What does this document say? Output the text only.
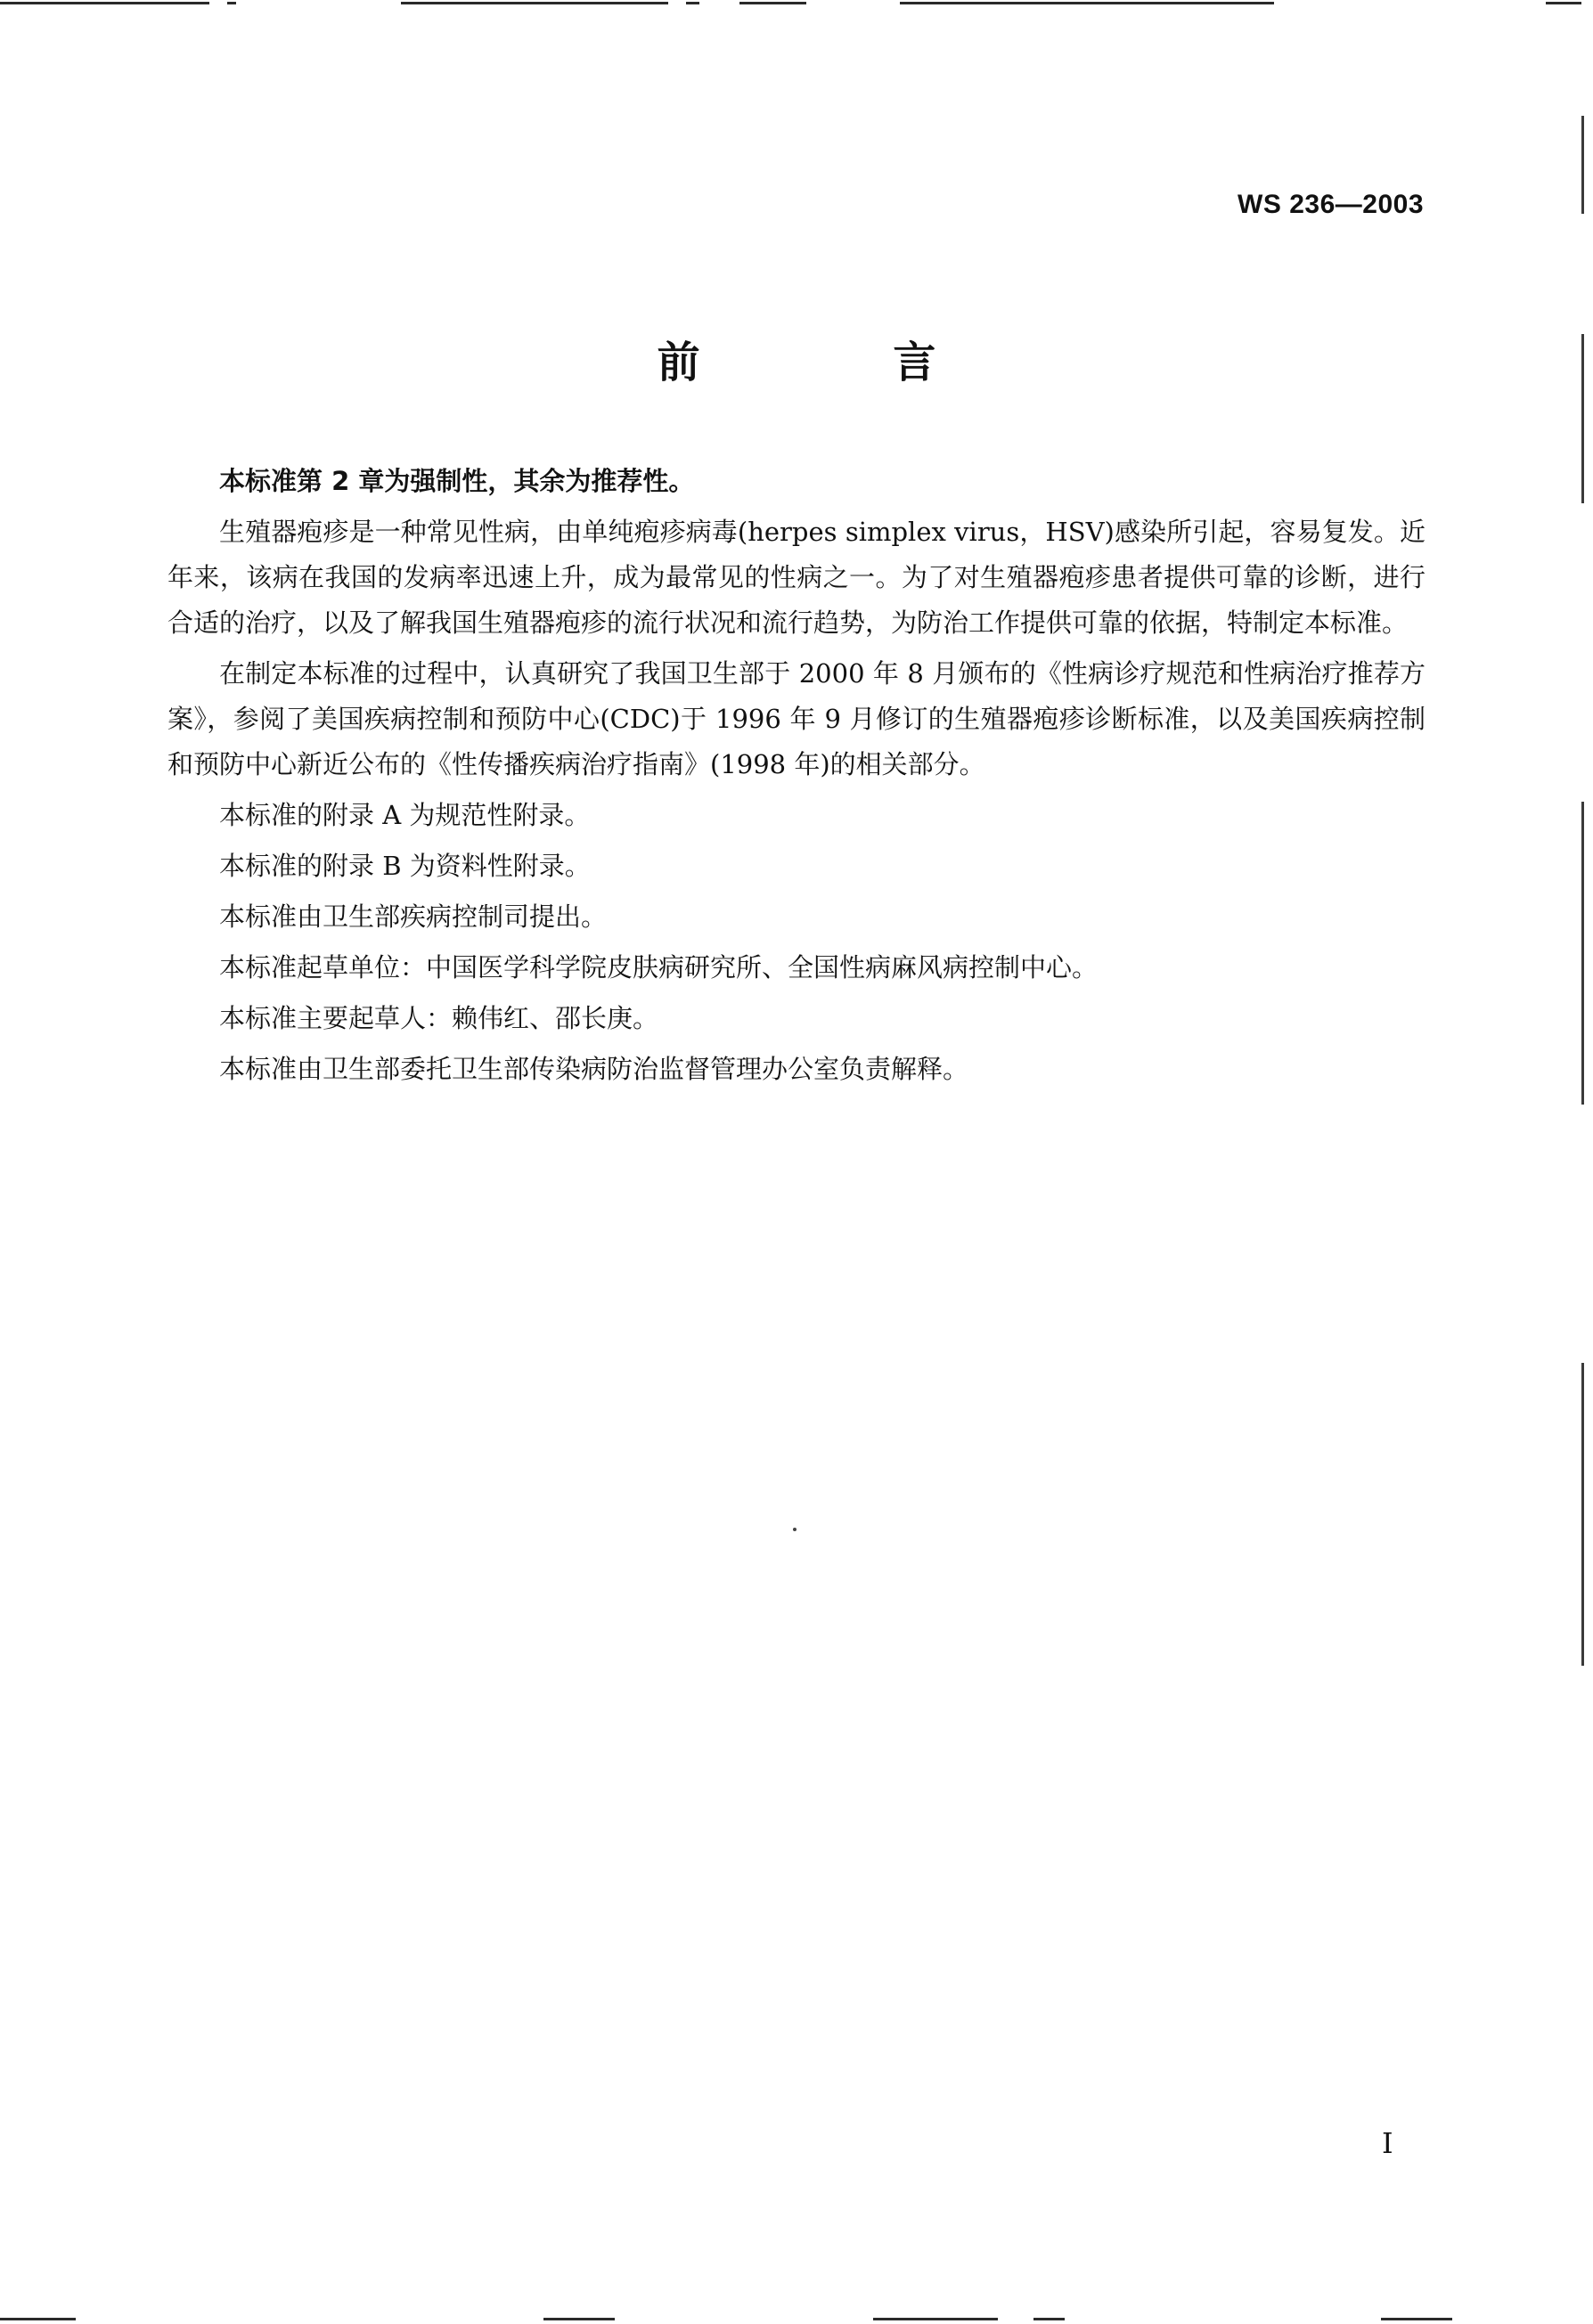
WS 236—2003
前 言

本标准第 2 章为强制性，其余为推荐性。

生殖器疱疹是一种常见性病，由单纯疱疹病毒(herpes simplex virus，HSV)感染所引起，容易复发。近年来，该病在我国的发病率迅速上升，成为最常见的性病之一。为了对生殖器疱疹患者提供可靠的诊断，进行合适的治疗，以及了解我国生殖器疱疹的流行状况和流行趋势，为防治工作提供可靠的依据，特制定本标准。

在制定本标准的过程中，认真研究了我国卫生部于 2000 年 8 月颁布的《性病诊疗规范和性病治疗推荐方案》，参阅了美国疾病控制和预防中心(CDC)于 1996 年 9 月修订的生殖器疱疹诊断标准，以及美国疾病控制和预防中心新近公布的《性传播疾病治疗指南》(1998 年)的相关部分。

本标准的附录 A 为规范性附录。

本标准的附录 B 为资料性附录。

本标准由卫生部疾病控制司提出。

本标准起草单位：中国医学科学院皮肤病研究所、全国性病麻风病控制中心。

本标准主要起草人：赖伟红、邵长庚。

本标准由卫生部委托卫生部传染病防治监督管理办公室负责解释。

I
